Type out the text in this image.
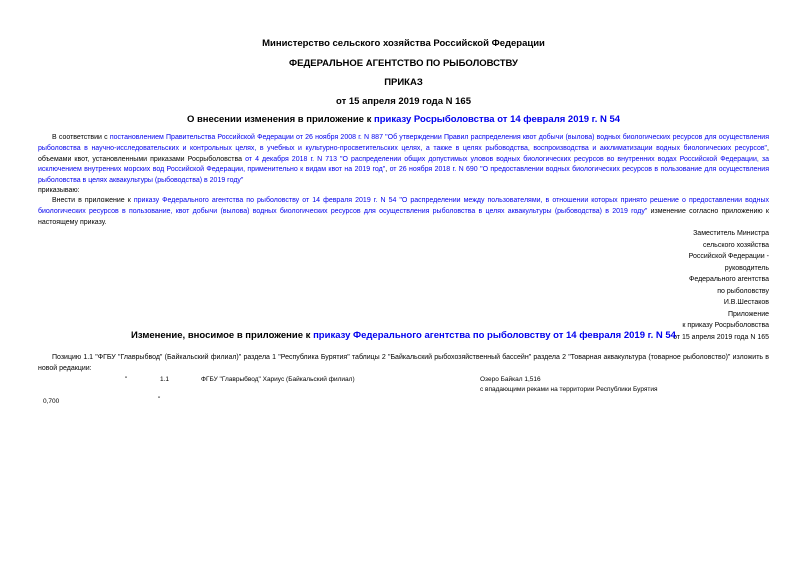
Министерство сельского хозяйства Российской Федерации
ФЕДЕРАЛЬНОЕ АГЕНТСТВО ПО РЫБОЛОВСТВУ
ПРИКАЗ
от 15 апреля 2019 года N 165
О внесении изменения в приложение к приказу Росрыболовства от 14 февраля 2019 г. N 54
В соответствии с постановлением Правительства Российской Федерации от 26 ноября 2008 г. N 887 "Об утверждении Правил распределения квот добычи (вылова) водных биологических ресурсов для осуществления рыболовства в научно-исследовательских и контрольных целях, в учебных и культурно-просветительских целях, а также в целях рыбоводства, воспроизводства и акклиматизации водных биологических ресурсов", объемами квот, установленными приказами Росрыболовства от 4 декабря 2018 г. N 713 "О распределении общих допустимых уловов водных биологических ресурсов во внутренних водах Российской Федерации, за исключением внутренних морских вод Российской Федерации, применительно к видам квот на 2019 год", от 26 ноября 2018 г. N 690 "О предоставлении водных биологических ресурсов в пользование для осуществления рыболовства в целях аквакультуры (рыбоводства) в 2019 году"
приказываю:
Внести в приложение к приказу Федерального агентства по рыболовству от 14 февраля 2019 г. N 54 "О распределении между пользователями, в отношении которых принято решение о предоставлении водных биологических ресурсов в пользование, квот добычи (вылова) водных биологических ресурсов для осуществления рыболовства в целях аквакультуры (рыбоводства) в 2019 году" изменение согласно приложению к настоящему приказу.
Заместитель Министра
сельского хозяйства
Российской Федерации -
руководитель
Федерального агентства
по рыболовству
И.В.Шестаков
Приложение
к приказу Росрыболовства
от 15 апреля 2019 года N 165
Изменение, вносимое в приложение к приказу Федерального агентства по рыболовству от 14 февраля 2019 г. N 54
Позицию 1.1 "ФГБУ "Главрыбвод" (Байкальский филиал)" раздела 1 "Республика Бурятия" таблицы 2 "Байкальский рыбохозяйственный бассейн" раздела 2 "Товарная аквакультура (товарное рыболовство)" изложить в новой редакции:
"	1.1	ФГБУ "Главрыбвод" Хариус (Байкальский филиал)	Озеро Байкал 1,516
с впадающими реками на территории Республики Бурятия
0,700	"
